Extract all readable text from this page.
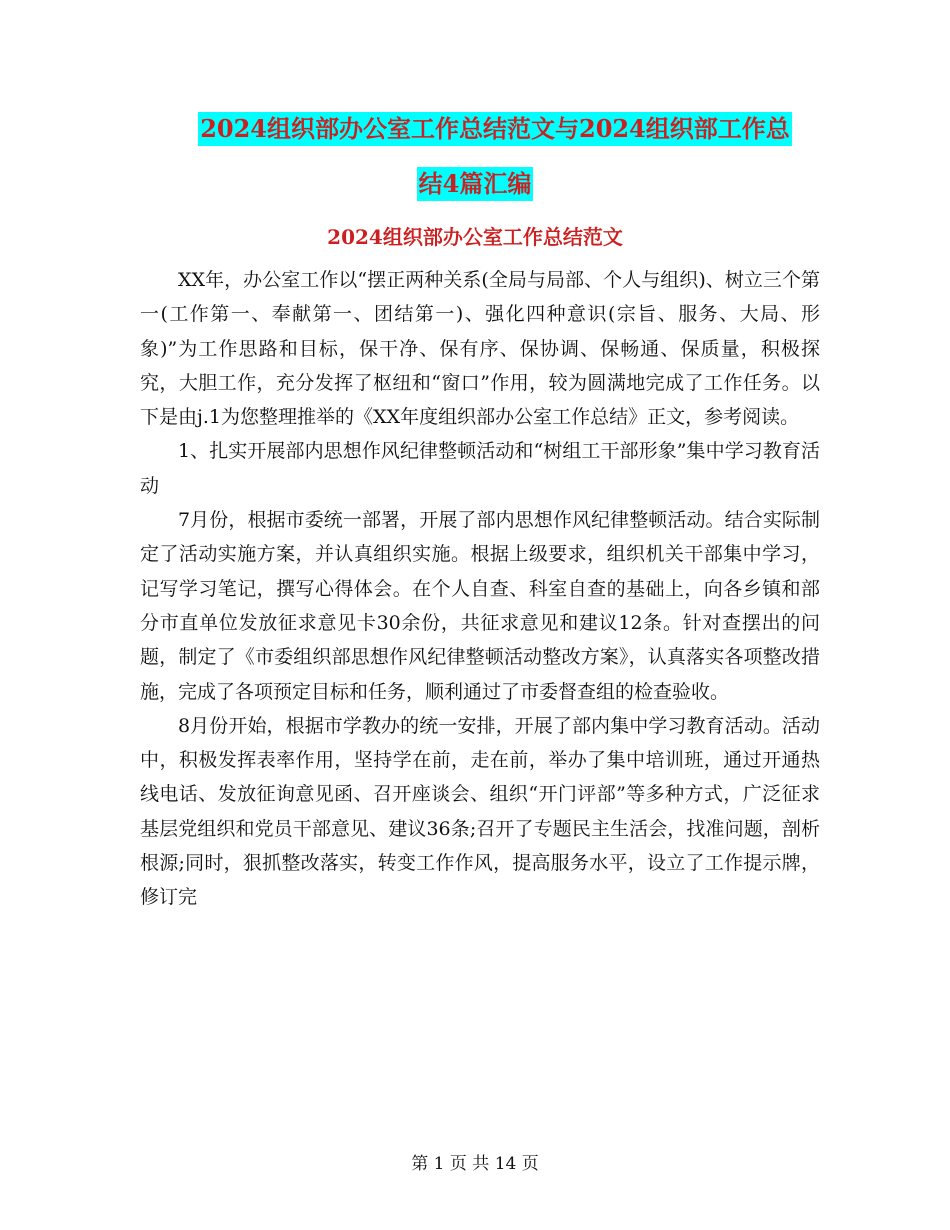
2024组织部办公室工作总结范文与2024组织部工作总
结4篇汇编
2024组织部办公室工作总结范文

XX年，办公室工作以“摆正两种关系(全局与局部、个人与组织)、树立三个第一(工作第一、奉献第一、团结第一)、强化四种意识(宗旨、服务、大局、形象)”为工作思路和目标，保干净、保有序、保协调、保畅通、保质量，积极探究，大胆工作，充分发挥了枢纽和“窗口”作用，较为圆满地完成了工作任务。以下是由j.1为您整理推举的《XX年度组织部办公室工作总结》正文，参考阅读。

1、扎实开展部内思想作风纪律整顿活动和“树组工干部形象”集中学习教育活动

7月份，根据市委统一部署，开展了部内思想作风纪律整顿活动。结合实际制定了活动实施方案，并认真组织实施。根据上级要求，组织机关干部集中学习，记写学习笔记，撰写心得体会。在个人自查、科室自查的基础上，向各乡镇和部分市直单位发放征求意见卡30余份，共征求意见和建议12条。针对查摆出的问题，制定了《市委组织部思想作风纪律整顿活动整改方案》，认真落实各项整改措施，完成了各项预定目标和任务，顺利通过了市委督查组的检查验收。

8月份开始，根据市学教办的统一安排，开展了部内集中学习教育活动。活动中，积极发挥表率作用，坚持学在前，走在前，举办了集中培训班，通过开通热线电话、发放征询意见函、召开座谈会、组织“开门评部”等多种方式，广泛征求基层党组织和党员干部意见、建议36条;召开了专题民主生活会，找准问题，剖析根源;同时，狠抓整改落实，转变工作作风，提高服务水平，设立了工作提示牌，修订完

第 1 页 共 14 页
